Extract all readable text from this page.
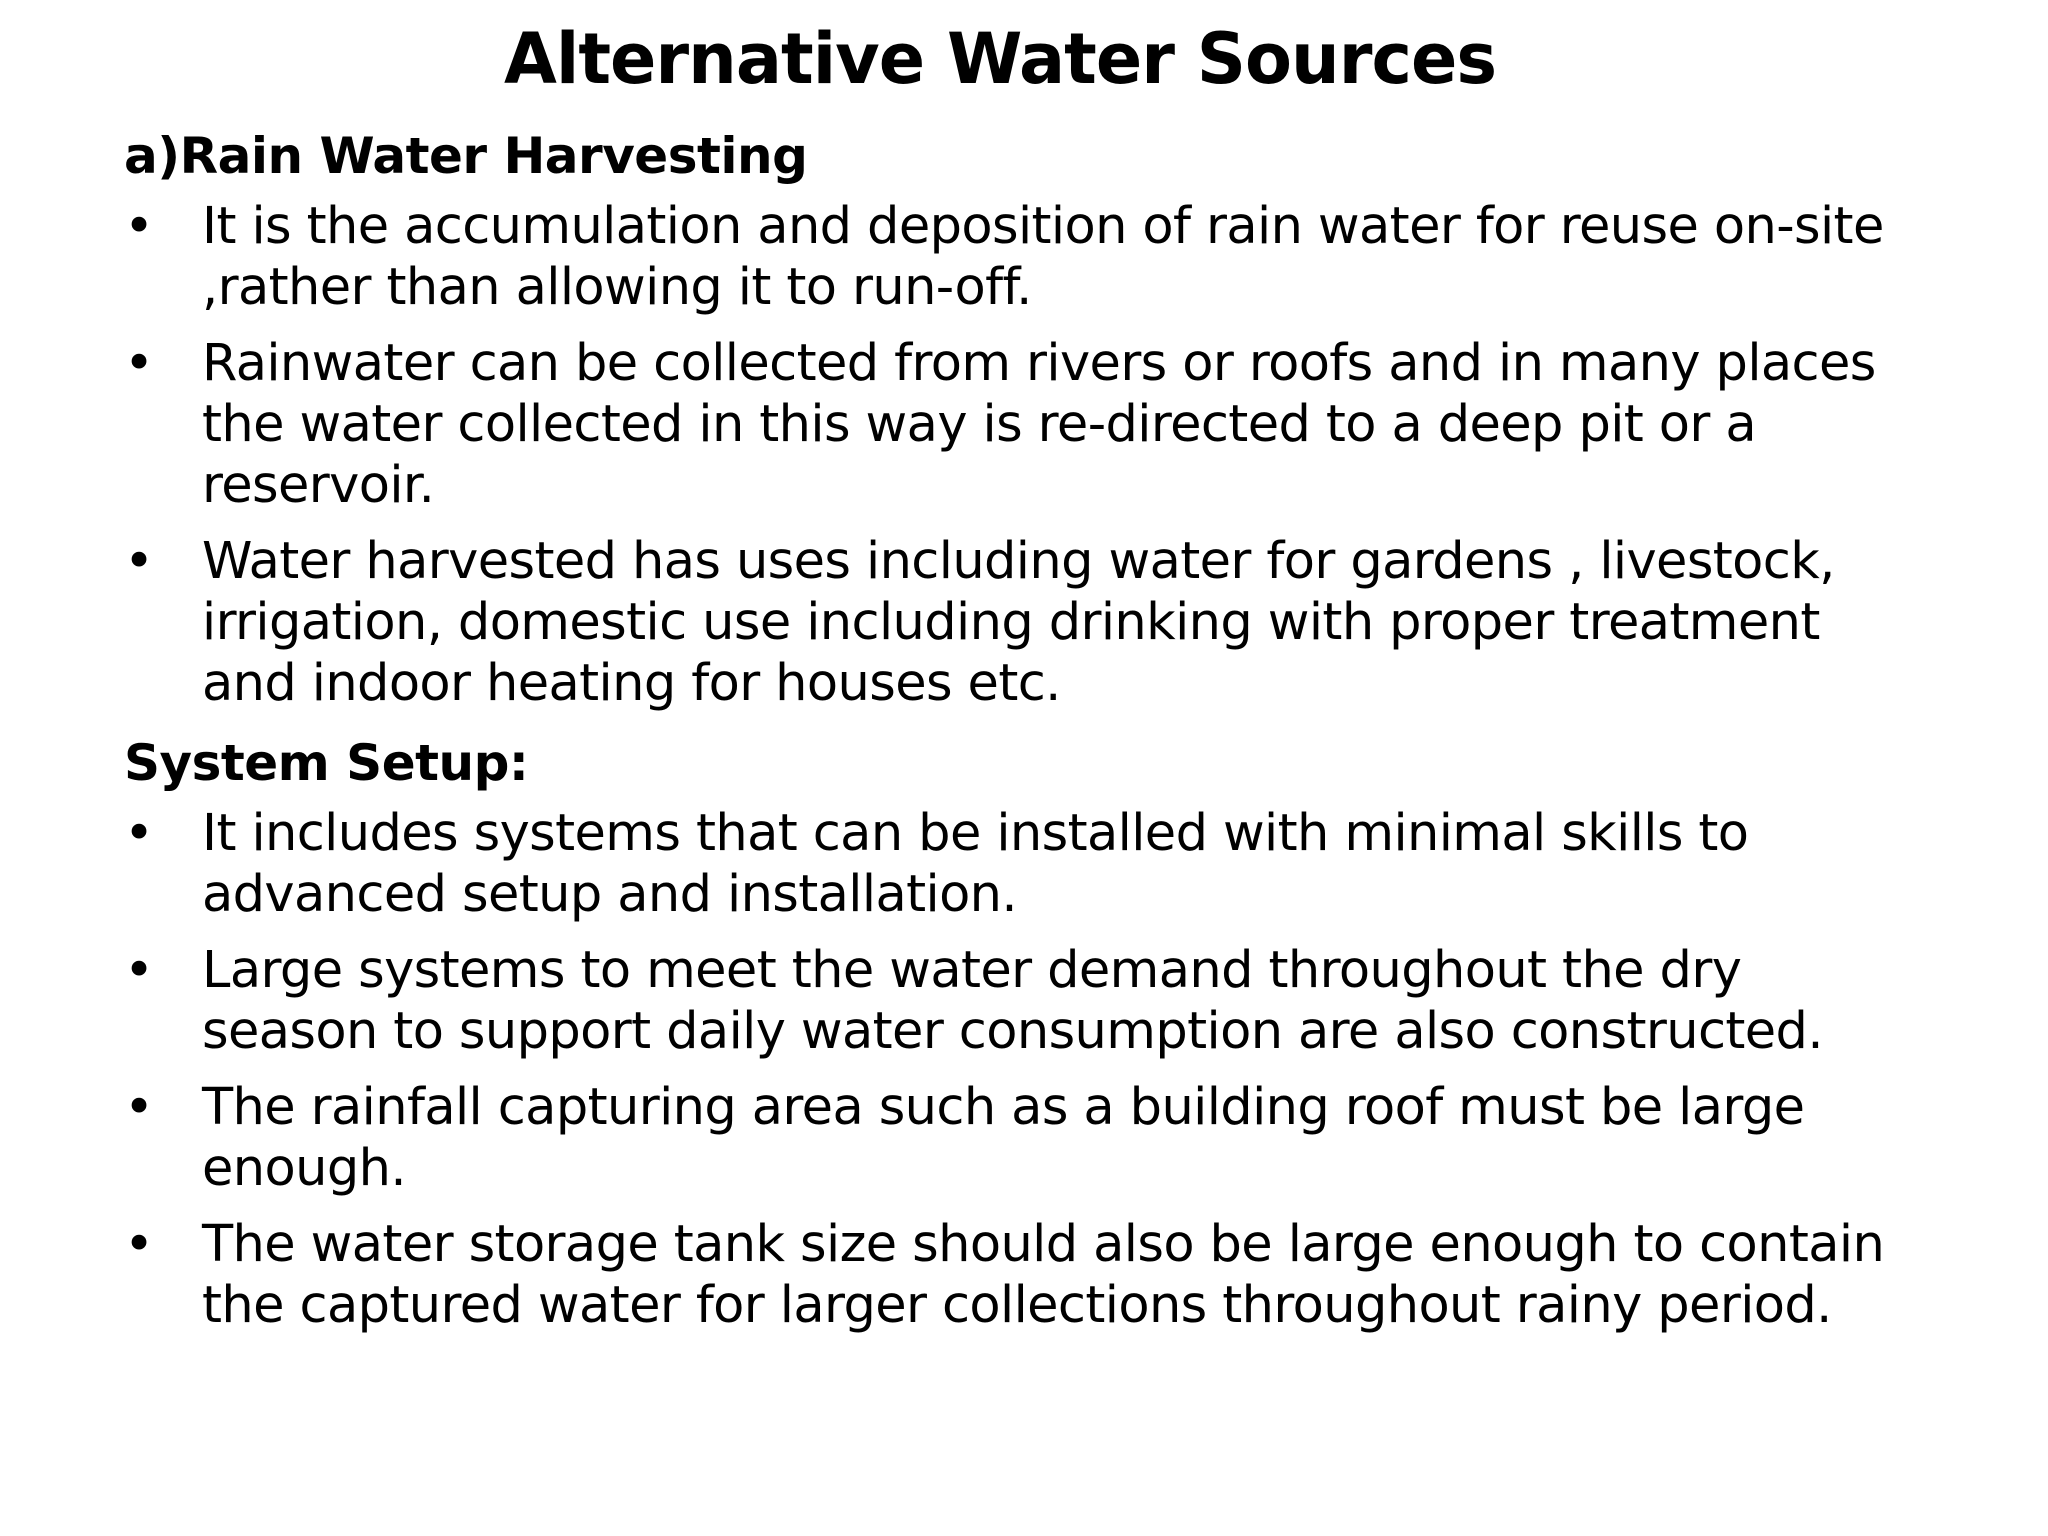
Alternative Water Sources
a)Rain Water Harvesting
• It is the accumulation and deposition of rain water for reuse on-site
,rather than allowing it to run-off.
• Rainwater can be collected from rivers or roofs and in many places
the water collected in this way is re-directed to a deep pit or a
reservoir.
• Water harvested has uses including water for gardens , livestock,
irrigation, domestic use including drinking with proper treatment
and indoor heating for houses etc.
System Setup:
• It includes systems that can be installed with minimal skills to
advanced setup and installation.
• Large systems to meet the water demand throughout the dry
season to support daily water consumption are also constructed.
• The rainfall capturing area such as a building roof must be large
enough.
• The water storage tank size should also be large enough to contain
the captured water for larger collections throughout rainy period.
